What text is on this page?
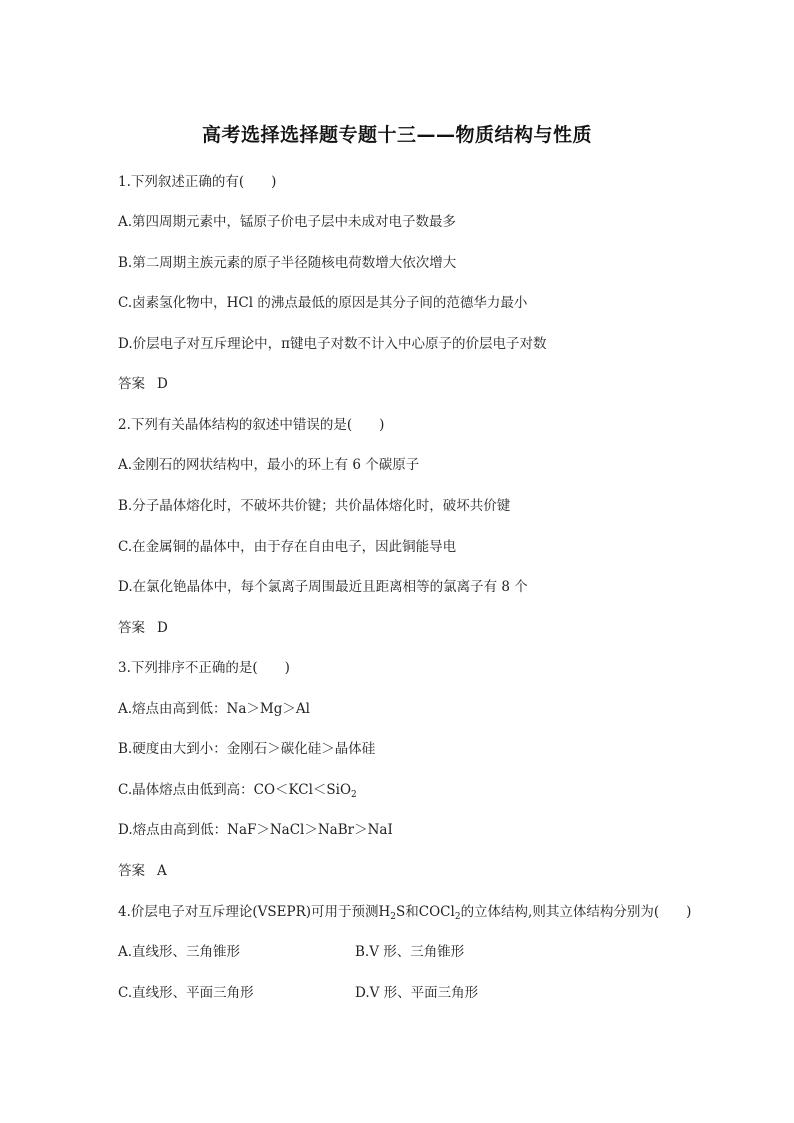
高考选择选择题专题十三——物质结构与性质
1.下列叙述正确的有(　　)
A.第四周期元素中，锰原子价电子层中未成对电子数最多
B.第二周期主族元素的原子半径随核电荷数增大依次增大
C.卤素氢化物中，HCl 的沸点最低的原因是其分子间的范德华力最小
D.价层电子对互斥理论中，π键电子对数不计入中心原子的价层电子对数
答案 D
2.下列有关晶体结构的叙述中错误的是(　　)
A.金刚石的网状结构中，最小的环上有 6 个碳原子
B.分子晶体熔化时，不破坏共价键；共价晶体熔化时，破坏共价键
C.在金属铜的晶体中，由于存在自由电子，因此铜能导电
D.在氯化铯晶体中，每个氯离子周围最近且距离相等的氯离子有 8 个
答案 D
3.下列排序不正确的是(　　)
A.熔点由高到低：Na＞Mg＞Al
B.硬度由大到小：金刚石＞碳化硅＞晶体硅
C.晶体熔点由低到高：CO＜KCl＜SiO$_2$
D.熔点由高到低：NaF＞NaCl＞NaBr＞NaI
答案 A
4.价层电子对互斥理论(VSEPR)可用于预测$H_2S$和COCl$_2$的立体结构,则其立体结构分别为(　　)
A.直线形、三角锥形	B.V 形、三角锥形
C.直线形、平面三角形	D.V 形、平面三角形
